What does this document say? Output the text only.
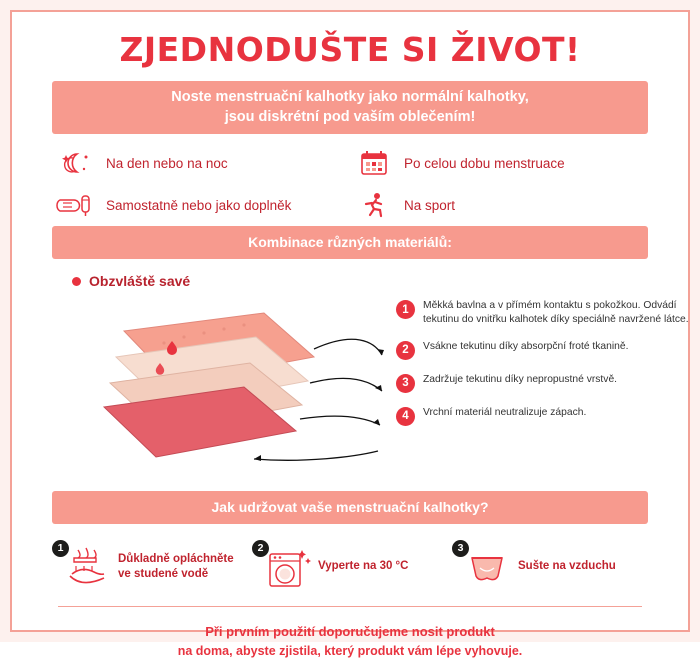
ZJEDNODUŠTE SI ŽIVOT!
Noste menstruační kalhotky jako normální kalhotky,
jsou diskrétní pod vaším oblečením!
Na den nebo na noc	Po celou dobu menstruace
Samostatně nebo jako doplněk	Na sport
Kombinace různých materiálů:
Obzvláště savé
1	Měkká bavlna a v přímém kontaktu s pokožkou. Odvádí tekutinu do vnitřku kalhotek díky speciálně navržené látce.
2	Vsákne tekutinu díky absorpční froté tkanině.
3	Zadržuje tekutinu díky nepropustné vrstvě.
4	Vrchní materiál neutralizuje zápach.
Jak udržovat vaše menstruační kalhotky?
1
Důkladně opláchněte
ve studené vodě
2
Vyperte na 30 °C
3
Sušte na vzduchu
Při prvním použití doporučujeme nosit produkt
na doma, abyste zjistila, který produkt vám lépe vyhovuje.
